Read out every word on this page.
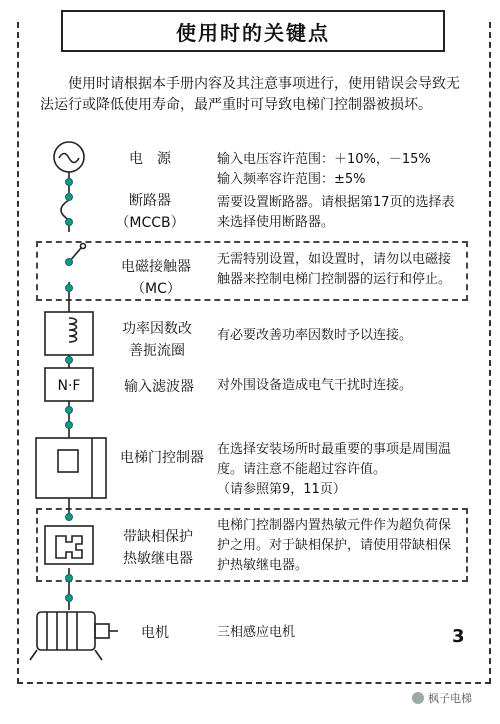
使用时的关键点

使用时请根据本手册内容及其注意事项进行，使用错误会导致无法运行或降低使用寿命，最严重时可导致电梯门控制器被损坏。

N·F
电　源
断路器
（MCCB）
电磁接触器
（MC）
功率因数改
善扼流圈
输入滤波器
电梯门控制器
带缺相保护
热敏继电器
电机
输入电压容许范围：＋10%，－15%
输入频率容许范围：±5%
需要设置断路器。请根据第17页的选择表来选择使用断路器。
无需特别设置，如设置时，请勿以电磁接触器来控制电梯门控制器的运行和停止。
有必要改善功率因数时予以连接。
对外围设备造成电气干扰时连接。
在选择安装场所时最重要的事项是周围温度。请注意不能超过容许值。
（请参照第9，11页）
电梯门控制器内置热敏元件作为超负荷保护之用。对于缺相保护，请使用带缺相保护热敏继电器。
三相感应电机	3
枫子电梯
